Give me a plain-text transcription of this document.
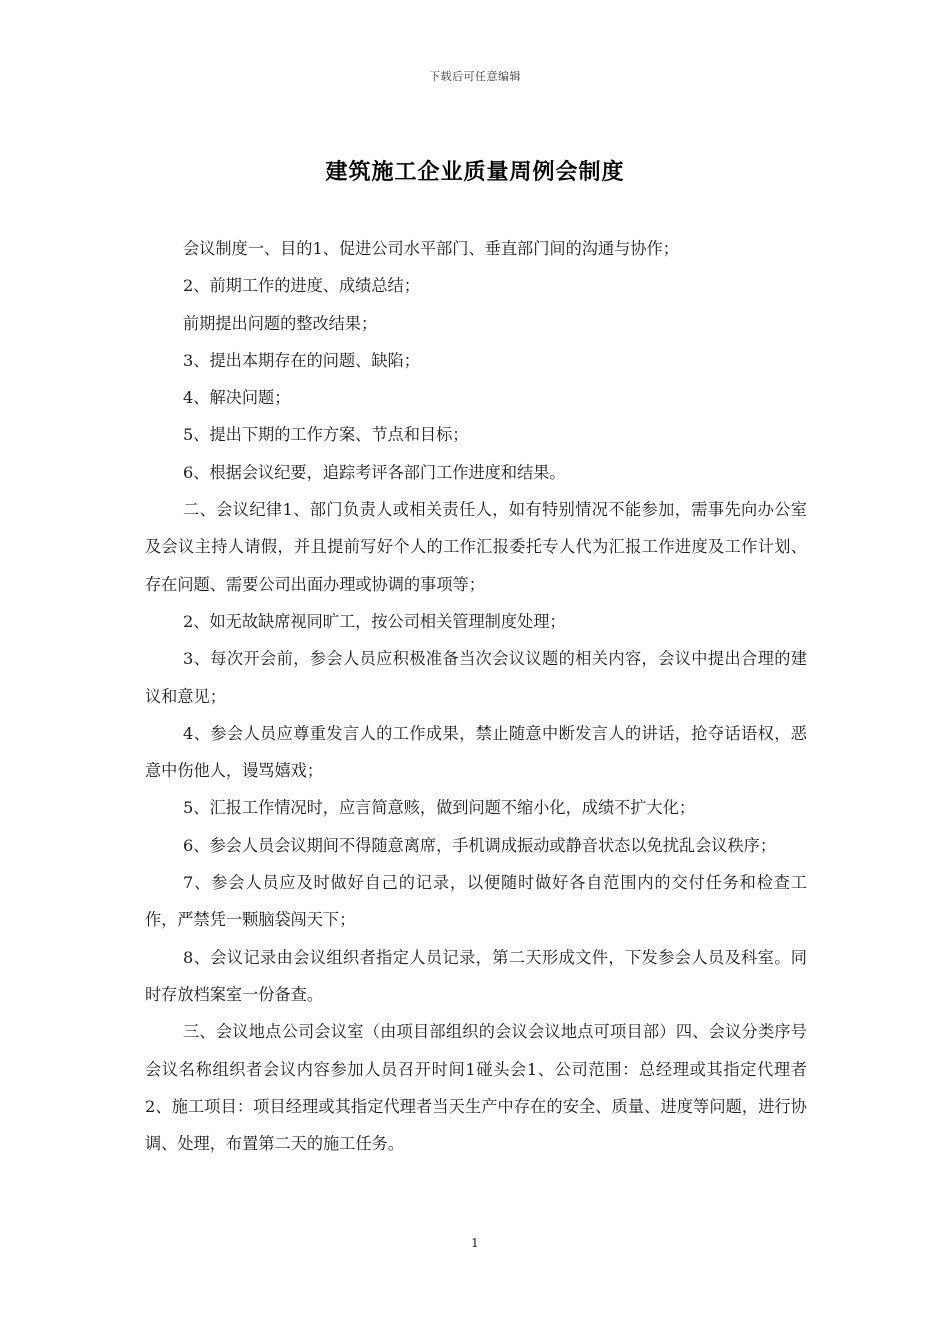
下载后可任意编辑
建筑施工企业质量周例会制度

会议制度一、目的1、促进公司水平部门、垂直部门间的沟通与协作；

2、前期工作的进度、成绩总结；

前期提出问题的整改结果；

3、提出本期存在的问题、缺陷；

4、解决问题；

5、提出下期的工作方案、节点和目标；

6、根据会议纪要，追踪考评各部门工作进度和结果。

二、会议纪律1、部门负责人或相关责任人，如有特别情况不能参加，需事先向办公室及会议主持人请假，并且提前写好个人的工作汇报委托专人代为汇报工作进度及工作计划、存在问题、需要公司出面办理或协调的事项等；

2、如无故缺席视同旷工，按公司相关管理制度处理；

3、每次开会前，参会人员应积极准备当次会议议题的相关内容，会议中提出合理的建议和意见；

4、参会人员应尊重发言人的工作成果，禁止随意中断发言人的讲话，抢夺话语权，恶意中伤他人，谩骂嬉戏；

5、汇报工作情况时，应言简意赅，做到问题不缩小化，成绩不扩大化；

6、参会人员会议期间不得随意离席，手机调成振动或静音状态以免扰乱会议秩序；

7、参会人员应及时做好自己的记录，以便随时做好各自范围内的交付任务和检查工作，严禁凭一颗脑袋闯天下；

8、会议记录由会议组织者指定人员记录，第二天形成文件，下发参会人员及科室。同时存放档案室一份备查。

三、会议地点公司会议室（由项目部组织的会议会议地点可项目部）四、会议分类序号会议名称组织者会议内容参加人员召开时间1碰头会1、公司范围：总经理或其指定代理者2、施工项目：项目经理或其指定代理者当天生产中存在的安全、质量、进度等问题，进行协调、处理，布置第二天的施工任务。

1
